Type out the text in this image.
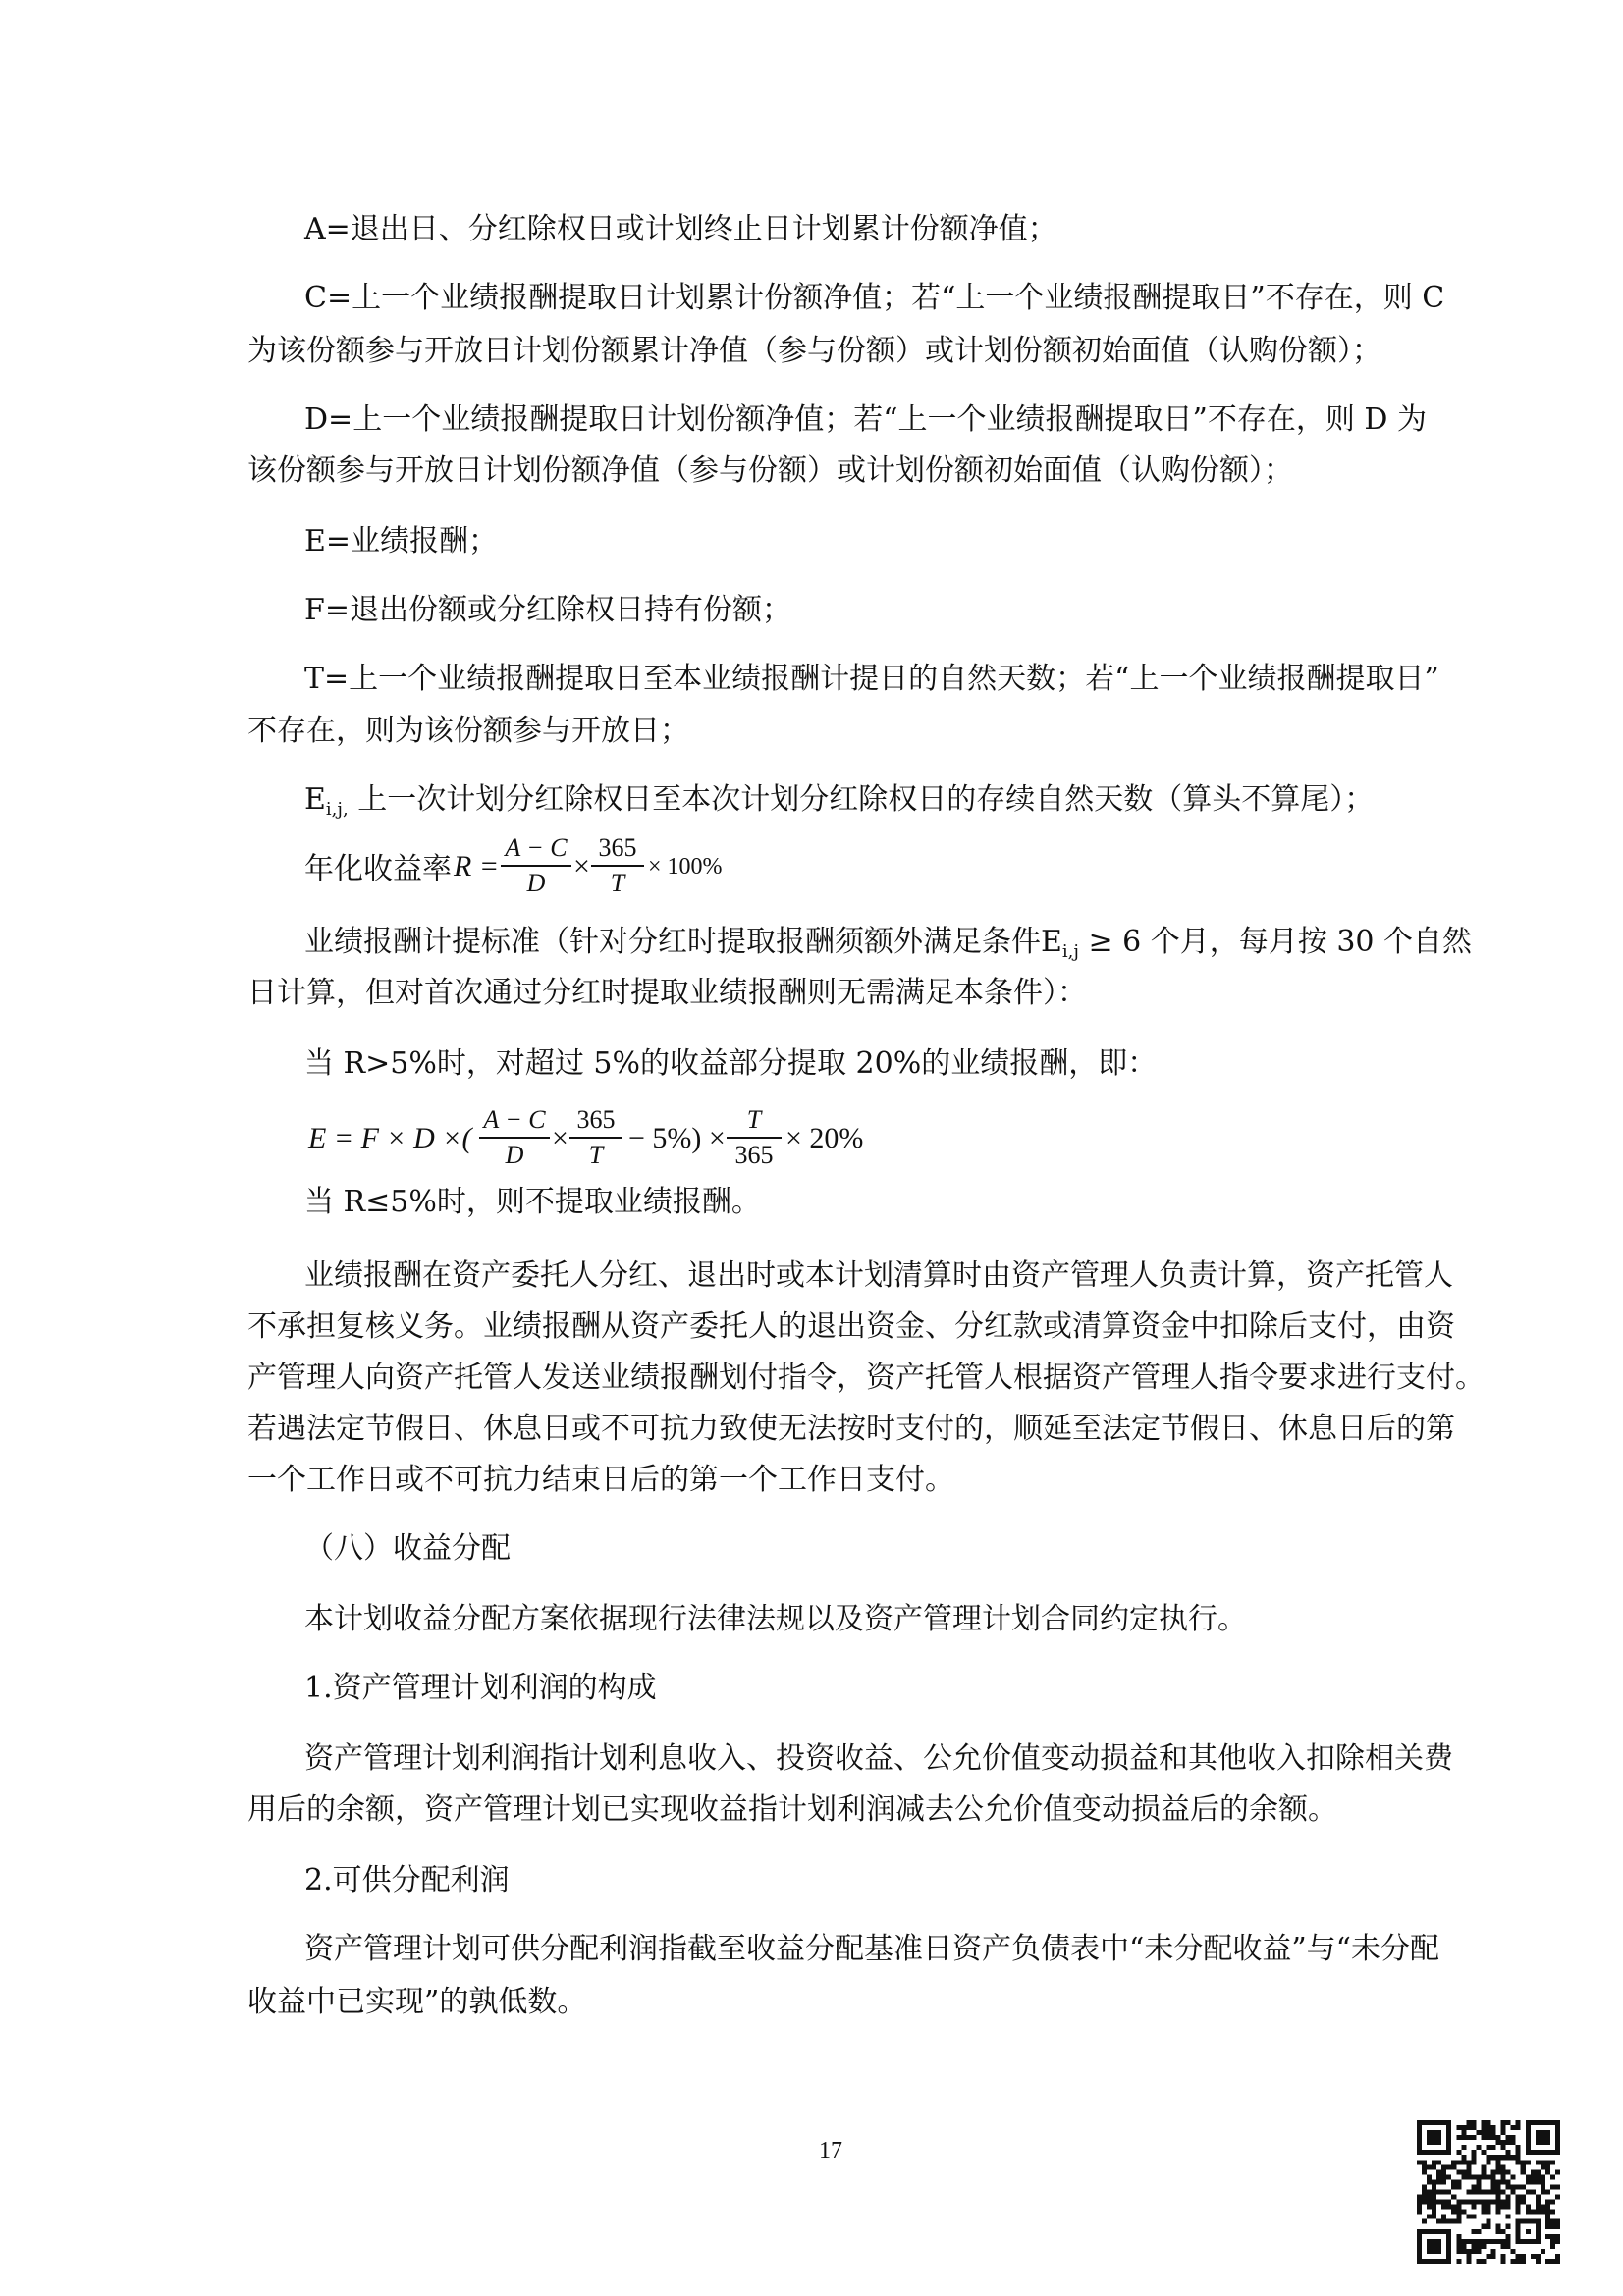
A=退出日、分红除权日或计划终止日计划累计份额净值；
C=上一个业绩报酬提取日计划累计份额净值；若“上一个业绩报酬提取日”不存在，则 C
为该份额参与开放日计划份额累计净值（参与份额）或计划份额初始面值（认购份额）；
D=上一个业绩报酬提取日计划份额净值；若“上一个业绩报酬提取日”不存在，则 D 为
该份额参与开放日计划份额净值（参与份额）或计划份额初始面值（认购份额）；
E=业绩报酬；
F=退出份额或分红除权日持有份额；
T=上一个业绩报酬提取日至本业绩报酬计提日的自然天数；若“上一个业绩报酬提取日”
不存在，则为该份额参与开放日；
$E_{i,j,}$ 上一次计划分红除权日至本次计划分红除权日的存续自然天数（算头不算尾）；
年化收益率 R =
A − C
D
×
365
T
× 100%
业绩报酬计提标准（针对分红时提取报酬须额外满足条件$E_{i,j} \ge 6$ 个月，每月按 30 个自然
日计算，但对首次通过分红时提取业绩报酬则无需满足本条件）：
当 R>5%时，对超过 5%的收益部分提取 20%的业绩报酬，即：
E = F × D ×(
A − C
D
×
365
T
− 5%) ×
T
365
× 20%
当 R≤5%时，则不提取业绩报酬。
业绩报酬在资产委托人分红、退出时或本计划清算时由资产管理人负责计算，资产托管人
不承担复核义务。业绩报酬从资产委托人的退出资金、分红款或清算资金中扣除后支付，由资
产管理人向资产托管人发送业绩报酬划付指令，资产托管人根据资产管理人指令要求进行支付。
若遇法定节假日、休息日或不可抗力致使无法按时支付的，顺延至法定节假日、休息日后的第
一个工作日或不可抗力结束日后的第一个工作日支付。
（八）收益分配
本计划收益分配方案依据现行法律法规以及资产管理计划合同约定执行。
1.资产管理计划利润的构成
资产管理计划利润指计划利息收入、投资收益、公允价值变动损益和其他收入扣除相关费
用后的余额，资产管理计划已实现收益指计划利润减去公允价值变动损益后的余额。
2.可供分配利润
资产管理计划可供分配利润指截至收益分配基准日资产负债表中“未分配收益”与“未分配
收益中已实现”的孰低数。
17
